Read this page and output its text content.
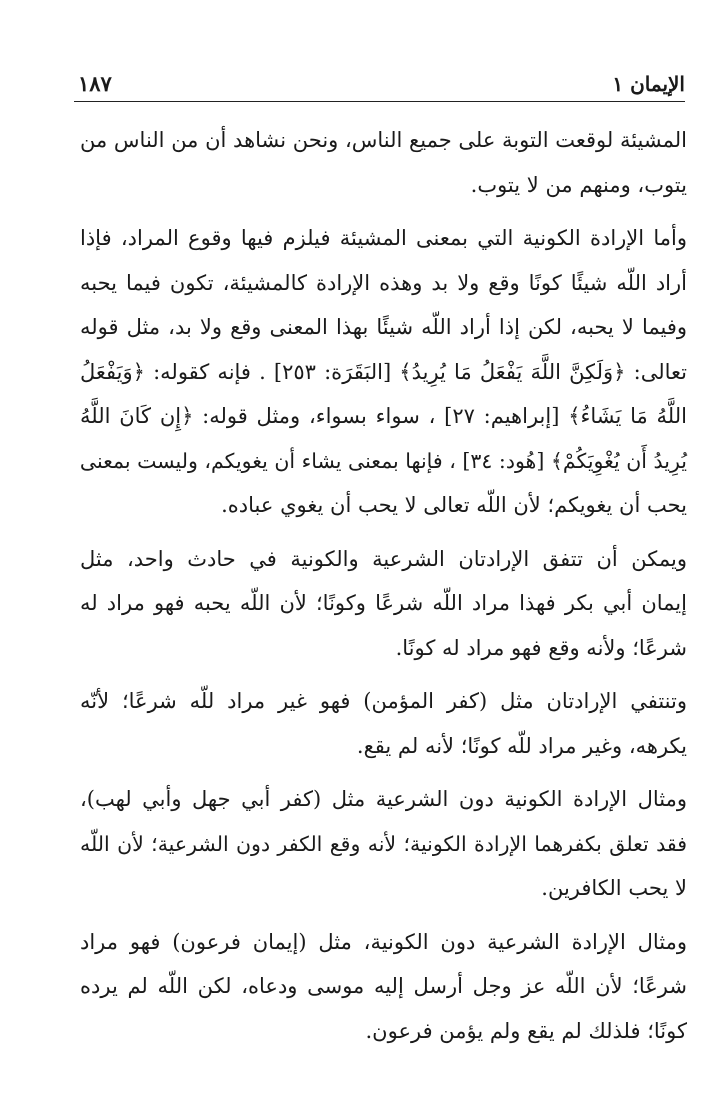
الإيمان ١
١٨٧
المشيئة لوقعت التوبة على جميع الناس، ونحن نشاهد أن من الناس من
يتوب، ومنهم من لا يتوب.
وأما الإرادة الكونية التي بمعنى المشيئة فيلزم فيها وقوع المراد، فإذا
أراد اللّه شيئًا كونًا وقع ولا بد وهذه الإرادة كالمشيئة، تكون فيما يحبه
وفيما لا يحبه، لكن إذا أراد اللّه شيئًا بهذا المعنى وقع ولا بد، مثل قوله
تعالى: ﴿وَلَكِنَّ اللَّهَ يَفْعَلُ مَا يُرِيدُ﴾ [البَقَرَة: ٢٥٣] . فإنه كقوله: ﴿وَيَفْعَلُ
اللَّهُ مَا يَشَاءُ﴾ [إبراهيم: ٢٧] ، سواء بسواء، ومثل قوله: ﴿إِن كَانَ اللَّهُ
يُرِيدُ أَن يُغْوِيَكُمْ﴾ [هُود: ٣٤] ، فإنها بمعنى يشاء أن يغويكم، وليست بمعنى
يحب أن يغويكم؛ لأن اللّه تعالى لا يحب أن يغوي عباده.
ويمكن أن تتفق الإرادتان الشرعية والكونية في حادث واحد، مثل
إيمان أبي بكر فهذا مراد اللّه شرعًا وكونًا؛ لأن اللّه يحبه فهو مراد له
شرعًا؛ ولأنه وقع فهو مراد له كونًا.
وتنتفي الإرادتان مثل (كفر المؤمن) فهو غير مراد للّه شرعًا؛ لأنّه
يكرهه، وغير مراد للّه كونًا؛ لأنه لم يقع.
ومثال الإرادة الكونية دون الشرعية مثل (كفر أبي جهل وأبي لهب)،
فقد تعلق بكفرهما الإرادة الكونية؛ لأنه وقع الكفر دون الشرعية؛ لأن اللّه
لا يحب الكافرين.
ومثال الإرادة الشرعية دون الكونية، مثل (إيمان فرعون) فهو مراد
شرعًا؛ لأن اللّه عز وجل أرسل إليه موسى ودعاه، لكن اللّه لم يرده
كونًا؛ فلذلك لم يقع ولم يؤمن فرعون.
